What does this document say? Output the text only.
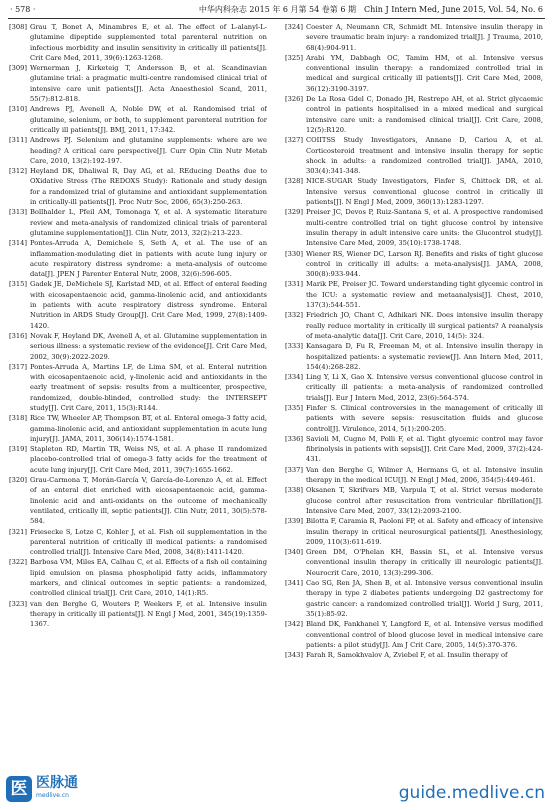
· 578 ·	中华内科杂志 2015 年 6 月第 54 卷第 6 期　Chin J Intern Med, June 2015, Vol. 54, No. 6

[308] Grau T, Bonet A, Minambres E, et al. The effect of L-alanyl-L-glutamine dipeptide supplemented total parenteral nutrition on infectious morbidity and insulin sensitivity in critically ill patients[J]. Crit Care Med, 2011, 39(6):1263-1268.

[309] Wernerman J, Kirketeig T, Andersson B, et al. Scandinavian glutamine trial: a pragmatic multi-centre randomised clinical trial of intensive care unit patients[J]. Acta Anaesthesiol Scand, 2011, 55(7):812-818.

[310] Andrews PJ, Avenell A, Noble DW, et al. Randomised trial of glutamine, selenium, or both, to supplement parenteral nutrition for critically ill patients[J]. BMJ, 2011, 17:342.

[311] Andrews PJ. Selenium and glutamine supplements: where are we heading? A critical care perspective[J]. Curr Opin Clin Nutr Metab Care, 2010, 13(2):192-197.

[312] Heyland DK, Dhaliwal R, Day AG, et al. REducing Deaths due to OXidative Stress (The REDOXS Study): Rationale and study design for a randomized trial of glutamine and antioxidant supplementation in critically-ill patients[J]. Proc Nutr Soc, 2006, 65(3):250-263.

[313] Bollhalder L, Pfeil AM, Tomonaga Y, et al. A systematic literature review and meta-analysis of randomized clinical trials of parenteral glutamine supplementation[J]. Clin Nutr, 2013, 32(2):213-223.

[314] Pontes-Arruda A, Demichele S, Seth A, et al. The use of an inflammation-modulating diet in patients with acute lung injury or acute respiratory distress syndrome: a meta-analysis of outcome data[J]. JPEN J Parenter Enteral Nutr, 2008, 32(6):596-605.

[315] Gadek JE, DeMichele SJ, Karlstad MD, et al. Effect of enteral feeding with eicosapentaenoic acid, gamma-linolenic acid, and antioxidants in patients with acute respiratory distress syndrome. Enteral Nutrition in ARDS Study Group[J]. Crit Care Med, 1999, 27(8):1409-1420.

[316] Novak F, Heyland DK, Avenell A, et al. Glutamine supplementation in serious illness: a systematic review of the evidence[J]. Crit Care Med, 2002, 30(9):2022-2029.

[317] Pontes-Arruda A, Martins LF, de Lima SM, et al. Enteral nutrition with eicosapentaenoic acid, γ-linolenic acid and antioxidants in the early treatment of sepsis: results from a multicenter, prospective, randomized, double-blinded, controlled study: the INTERSEPT study[J]. Crit Care, 2011, 15(3):R144.

[318] Rice TW, Wheeler AP, Thompson BT, et al. Enteral omega-3 fatty acid, gamma-linolenic acid, and antioxidant supplementation in acute lung injury[J]. JAMA, 2011, 306(14):1574-1581.

[319] Stapleton RD, Martin TR, Weiss NS, et al. A phase II randomized placebo-controlled trial of omega-3 fatty acids for the treatment of acute lung injury[J]. Crit Care Med, 2011, 39(7):1655-1662.

[320] Grau-Carmona T, Morán-García V, García-de-Lorenzo A, et al. Effect of an enteral diet enriched with eicosapentaenoic acid, gamma-linolenic acid and anti-oxidants on the outcome of mechanically ventilated, critically ill, septic patients[J]. Clin Nutr, 2011, 30(5):578-584.

[321] Friesecke S, Lotze C, Kohler J, et al. Fish oil supplementation in the parenteral nutrition of critically ill medical patients: a randomised controlled trial[J]. Intensive Care Med, 2008, 34(8):1411-1420.

[322] Barbosa VM, Miles EA, Calhau C, et al. Effects of a fish oil containing lipid emulsion on plasma phospholipid fatty acids, inflammatory markers, and clinical outcomes in septic patients: a randomized, controlled clinical trial[J]. Crit Care, 2010, 14(1):R5.

[323] van den Berghe G, Wouters P, Weekers F, et al. Intensive insulin therapy in critically ill patients[J]. N Engl J Med, 2001, 345(19):1359-1367.

[324] Coester A, Neumann CR, Schmidt MI. Intensive insulin therapy in severe traumatic brain injury: a randomized trial[J]. J Trauma, 2010, 68(4):904-911.

[325] Arabi YM, Dabbagh OC, Tamim HM, et al. Intensive versus conventional insulin therapy: a randomized controlled trial in medical and surgical critically ill patients[J]. Crit Care Med, 2008, 36(12):3190-3197.

[326] De La Rosa Gdel C, Donado JH, Restrepo AH, et al. Strict glycaemic control in patients hospitalised in a mixed medical and surgical intensive care unit: a randomised clinical trial[J]. Crit Care, 2008, 12(5):R120.

[327] COIITSS Study Investigators, Annane D, Cariou A, et al. Corticosteroid treatment and intensive insulin therapy for septic shock in adults: a randomized controlled trial[J]. JAMA, 2010, 303(4):341-348.

[328] NICE-SUGAR Study Investigators, Finfer S, Chittock DR, et al. Intensive versus conventional glucose control in critically ill patients[J]. N Engl J Med, 2009, 360(13):1283-1297.

[329] Preiser JC, Devos P, Ruiz-Santana S, et al. A prospective randomised multi-centre controlled trial on tight glucose control by intensive insulin therapy in adult intensive care units: the Glucontrol study[J]. Intensive Care Med, 2009, 35(10):1738-1748.

[330] Wiener RS, Wiener DC, Larson RJ. Benefits and risks of tight glucose control in critically ill adults: a meta-analysis[J]. JAMA, 2008, 300(8):933-944.

[331] Marik PE, Preiser JC. Toward understanding tight glycemic control in the ICU: a systematic review and metaanalysis[J]. Chest, 2010, 137(3):544-551.

[332] Friedrich JO, Chant C, Adhikari NK. Does intensive insulin therapy really reduce mortality in critically ill surgical patients? A reanalysis of meta-analytic data[J]. Crit Care, 2010, 14(5): 324.

[333] Kansagara D, Fu R, Freeman M, et al. Intensive insulin therapy in hospitalized patients: a systematic review[J]. Ann Intern Med, 2011, 154(4):268-282.

[334] Ling Y, Li X, Gao X. Intensive versus conventional glucose control in critically ill patients: a meta-analysis of randomized controlled trials[J]. Eur J Intern Med, 2012, 23(6):564-574.

[335] Finfer S. Clinical controversies in the management of critically ill patients with severe sepsis: resuscitation fluids and glucose control[J]. Virulence, 2014, 5(1):200-205.

[336] Savioli M, Cugno M, Polli F, et al. Tight glycemic control may favor fibrinolysis in patients with sepsis[J]. Crit Care Med, 2009, 37(2):424-431.

[337] Van den Berghe G, Wilmer A, Hermans G, et al. Intensive insulin therapy in the medical ICU[J]. N Engl J Med, 2006, 354(5):449-461.

[338] Oksanen T, Skrifvars MB, Varpula T, et al. Strict versus moderate glucose control after resuscitation from ventricular fibrillation[J]. Intensive Care Med, 2007, 33(12):2093-2100.

[339] Bilotta F, Caramia R, Paoloni FP, et al. Safety and efficacy of intensive insulin therapy in critical neurosurgical patients[J]. Anesthesiology, 2009, 110(3):611-619.

[340] Green DM, O'Phelan KH, Bassin SL, et al. Intensive versus conventional insulin therapy in critically ill neurologic patients[J]. Neurocrit Care, 2010, 13(3):299-306.

[341] Cao SG, Ren JA, Shen B, et al. Intensive versus conventional insulin therapy in type 2 diabetes patients undergoing D2 gastrectomy for gastric cancer: a randomized controlled trial[J]. World J Surg, 2011, 35(1):85-92.

[342] Bland DK, Fankhanel Y, Langford E, et al. Intensive versus modified conventional control of blood glucose level in medical intensive care patients: a pilot study[J]. Am J Crit Care, 2005, 14(5):370-376.

[343] Farah R, Samokhvalov A, Zviebel F, et al. Insulin therapy of

医 医脉通
medlive.cn	guide.medlive.cn
